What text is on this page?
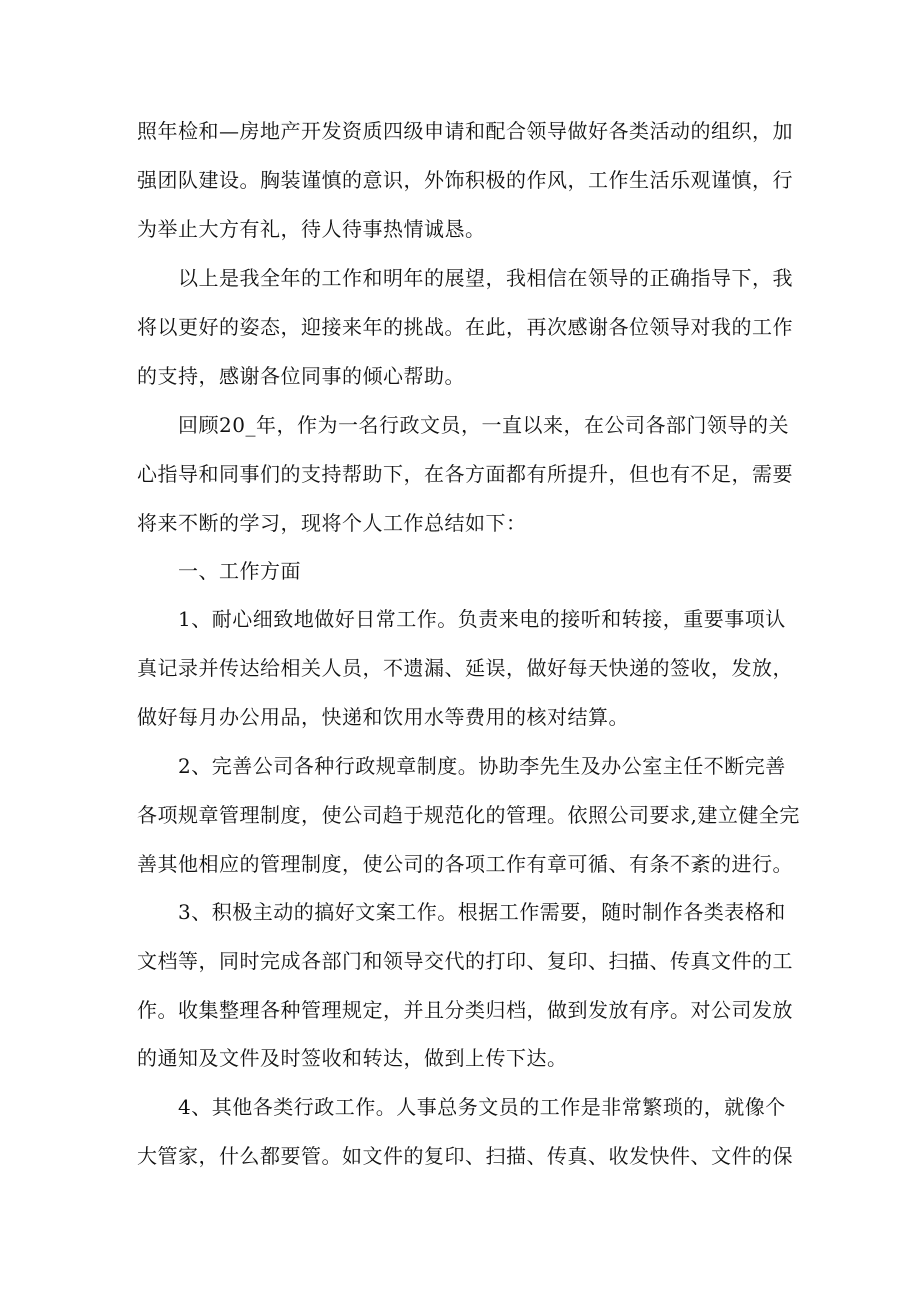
照年检和—房地产开发资质四级申请和配合领导做好各类活动的组织，加
强团队建设。胸装谨慎的意识，外饰积极的作风，工作生活乐观谨慎，行
为举止大方有礼，待人待事热情诚恳。
以上是我全年的工作和明年的展望，我相信在领导的正确指导下，我
将以更好的姿态，迎接来年的挑战。在此，再次感谢各位领导对我的工作
的支持，感谢各位同事的倾心帮助。
回顾20_年，作为一名行政文员，一直以来，在公司各部门领导的关
心指导和同事们的支持帮助下，在各方面都有所提升，但也有不足，需要
将来不断的学习，现将个人工作总结如下：
一、工作方面
1、耐心细致地做好日常工作。负责来电的接听和转接，重要事项认
真记录并传达给相关人员，不遗漏、延误，做好每天快递的签收，发放，
做好每月办公用品，快递和饮用水等费用的核对结算。
2、完善公司各种行政规章制度。协助李先生及办公室主任不断完善
各项规章管理制度，使公司趋于规范化的管理。依照公司要求,建立健全完
善其他相应的管理制度，使公司的各项工作有章可循、有条不紊的进行。
3、积极主动的搞好文案工作。根据工作需要，随时制作各类表格和
文档等，同时完成各部门和领导交代的打印、复印、扫描、传真文件的工
作。收集整理各种管理规定，并且分类归档，做到发放有序。对公司发放
的通知及文件及时签收和转达，做到上传下达。
4、其他各类行政工作。人事总务文员的工作是非常繁琐的，就像个
大管家，什么都要管。如文件的复印、扫描、传真、收发快件、文件的保
